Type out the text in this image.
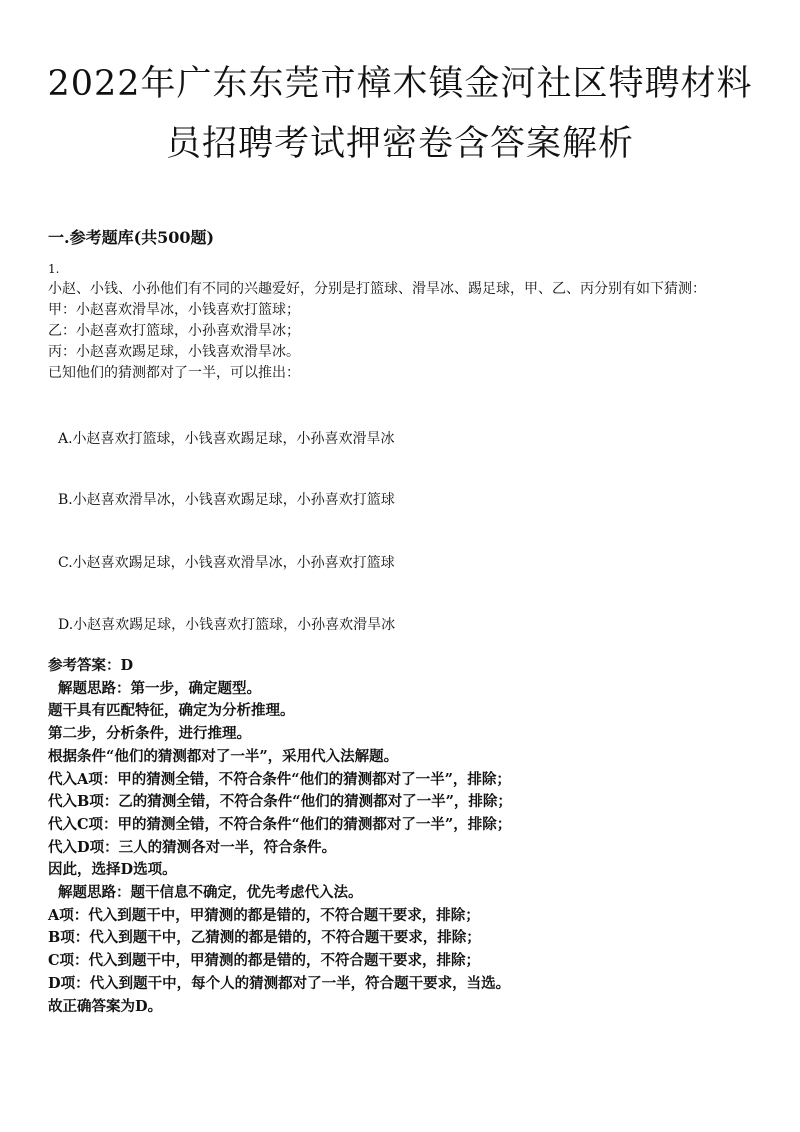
2022年广东东莞市樟木镇金河社区特聘材料
员招聘考试押密卷含答案解析
一.参考题库(共500题)
1.
小赵、小钱、小孙他们有不同的兴趣爱好，分别是打篮球、滑旱冰、踢足球，甲、乙、丙分别有如下猜测：
甲：小赵喜欢滑旱冰，小钱喜欢打篮球；
乙：小赵喜欢打篮球，小孙喜欢滑旱冰；
丙：小赵喜欢踢足球，小钱喜欢滑旱冰。
已知他们的猜测都对了一半，可以推出：
A.小赵喜欢打篮球，小钱喜欢踢足球，小孙喜欢滑旱冰
B.小赵喜欢滑旱冰，小钱喜欢踢足球，小孙喜欢打篮球
C.小赵喜欢踢足球，小钱喜欢滑旱冰，小孙喜欢打篮球
D.小赵喜欢踢足球，小钱喜欢打篮球，小孙喜欢滑旱冰
参考答案：D
解题思路：第一步，确定题型。
题干具有匹配特征，确定为分析推理。
第二步，分析条件，进行推理。
根据条件“他们的猜测都对了一半”，采用代入法解题。
代入A项：甲的猜测全错，不符合条件“他们的猜测都对了一半”，排除；
代入B项：乙的猜测全错，不符合条件“他们的猜测都对了一半”，排除；
代入C项：甲的猜测全错，不符合条件“他们的猜测都对了一半”，排除；
代入D项：三人的猜测各对一半，符合条件。
因此，选择D选项。
解题思路：题干信息不确定，优先考虑代入法。
A项：代入到题干中，甲猜测的都是错的，不符合题干要求，排除；
B项：代入到题干中，乙猜测的都是错的，不符合题干要求，排除；
C项：代入到题干中，甲猜测的都是错的，不符合题干要求，排除；
D项：代入到题干中，每个人的猜测都对了一半，符合题干要求，当选。
故正确答案为D。
